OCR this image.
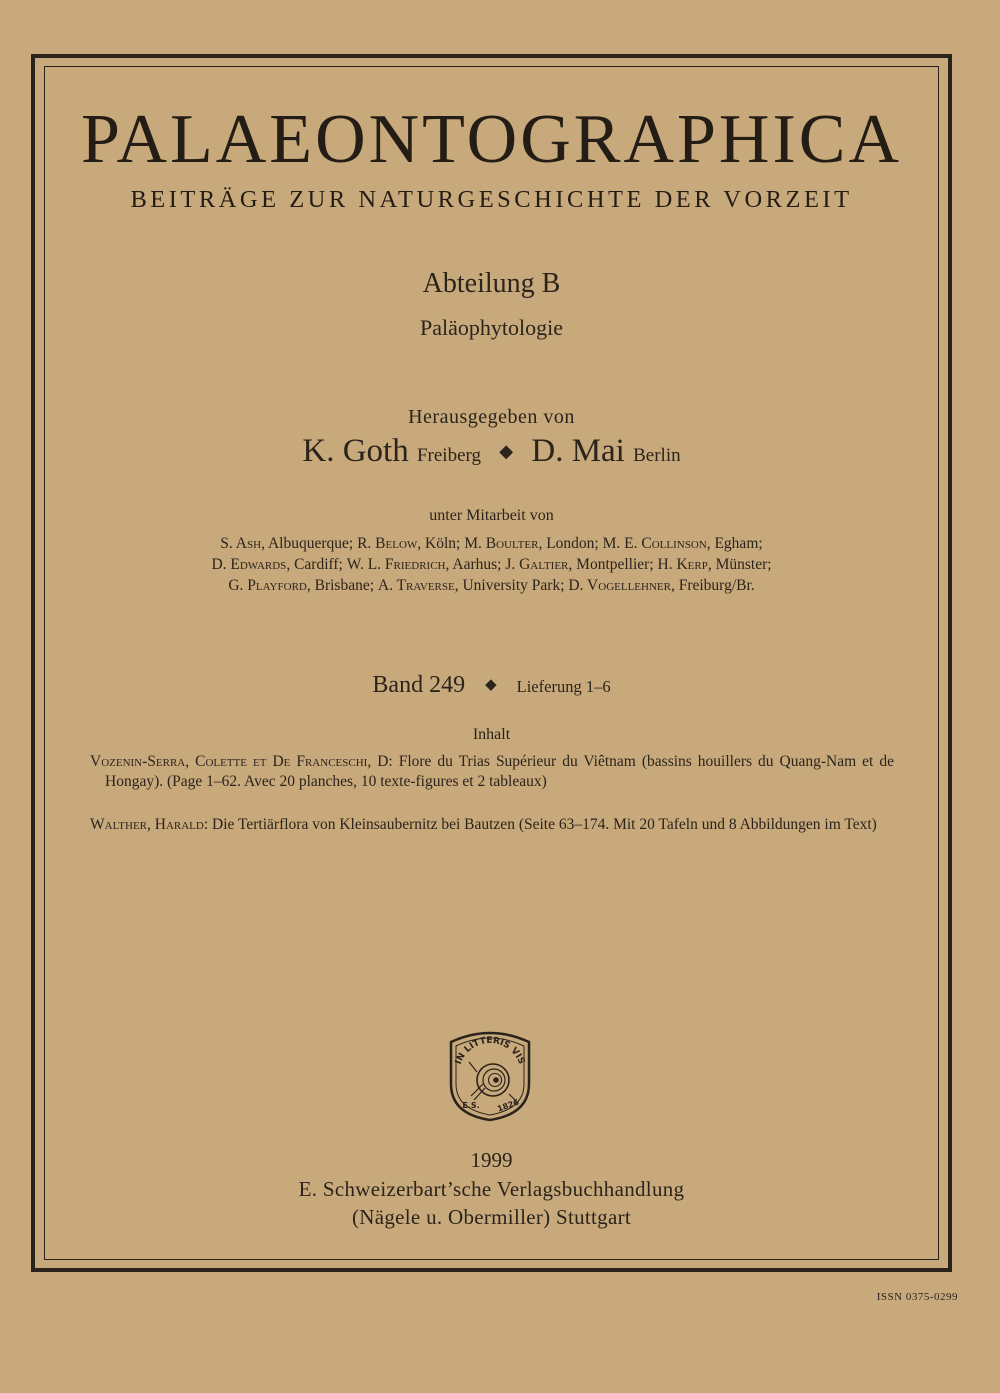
PALAEONTOGRAPHICA
BEITRÄGE ZUR NATURGESCHICHTE DER VORZEIT
Abteilung B
Paläophytologie
Herausgegeben von
K. Goth Freiberg ◆ D. Mai Berlin
unter Mitarbeit von
S. Ash, Albuquerque; R. Below, Köln; M. Boulter, London; M. E. Collinson, Egham;
D. Edwards, Cardiff; W. L. Friedrich, Aarhus; J. Galtier, Montpellier; H. Kerp, Münster;
G. Playford, Brisbane; A. Traverse, University Park; D. Vogellehner, Freiburg/Br.
Band 249 ◆ Lieferung 1–6
Inhalt
Vozenin-Serra, Colette et De Franceschi, D: Flore du Trias Supérieur du Viêtnam (bassins houillers du Quang-Nam et de Hongay). (Page 1–62. Avec 20 planches, 10 texte-figures et 2 tableaux)
Walther, Harald: Die Tertiärflora von Kleinsaubernitz bei Bautzen (Seite 63–174. Mit 20 Tafeln und 8 Abbildungen im Text)
IN LITTERIS VIS
E.S. 1826
1999
E. Schweizerbart’sche Verlagsbuchhandlung
(Nägele u. Obermiller) Stuttgart
ISSN 0375-0299
